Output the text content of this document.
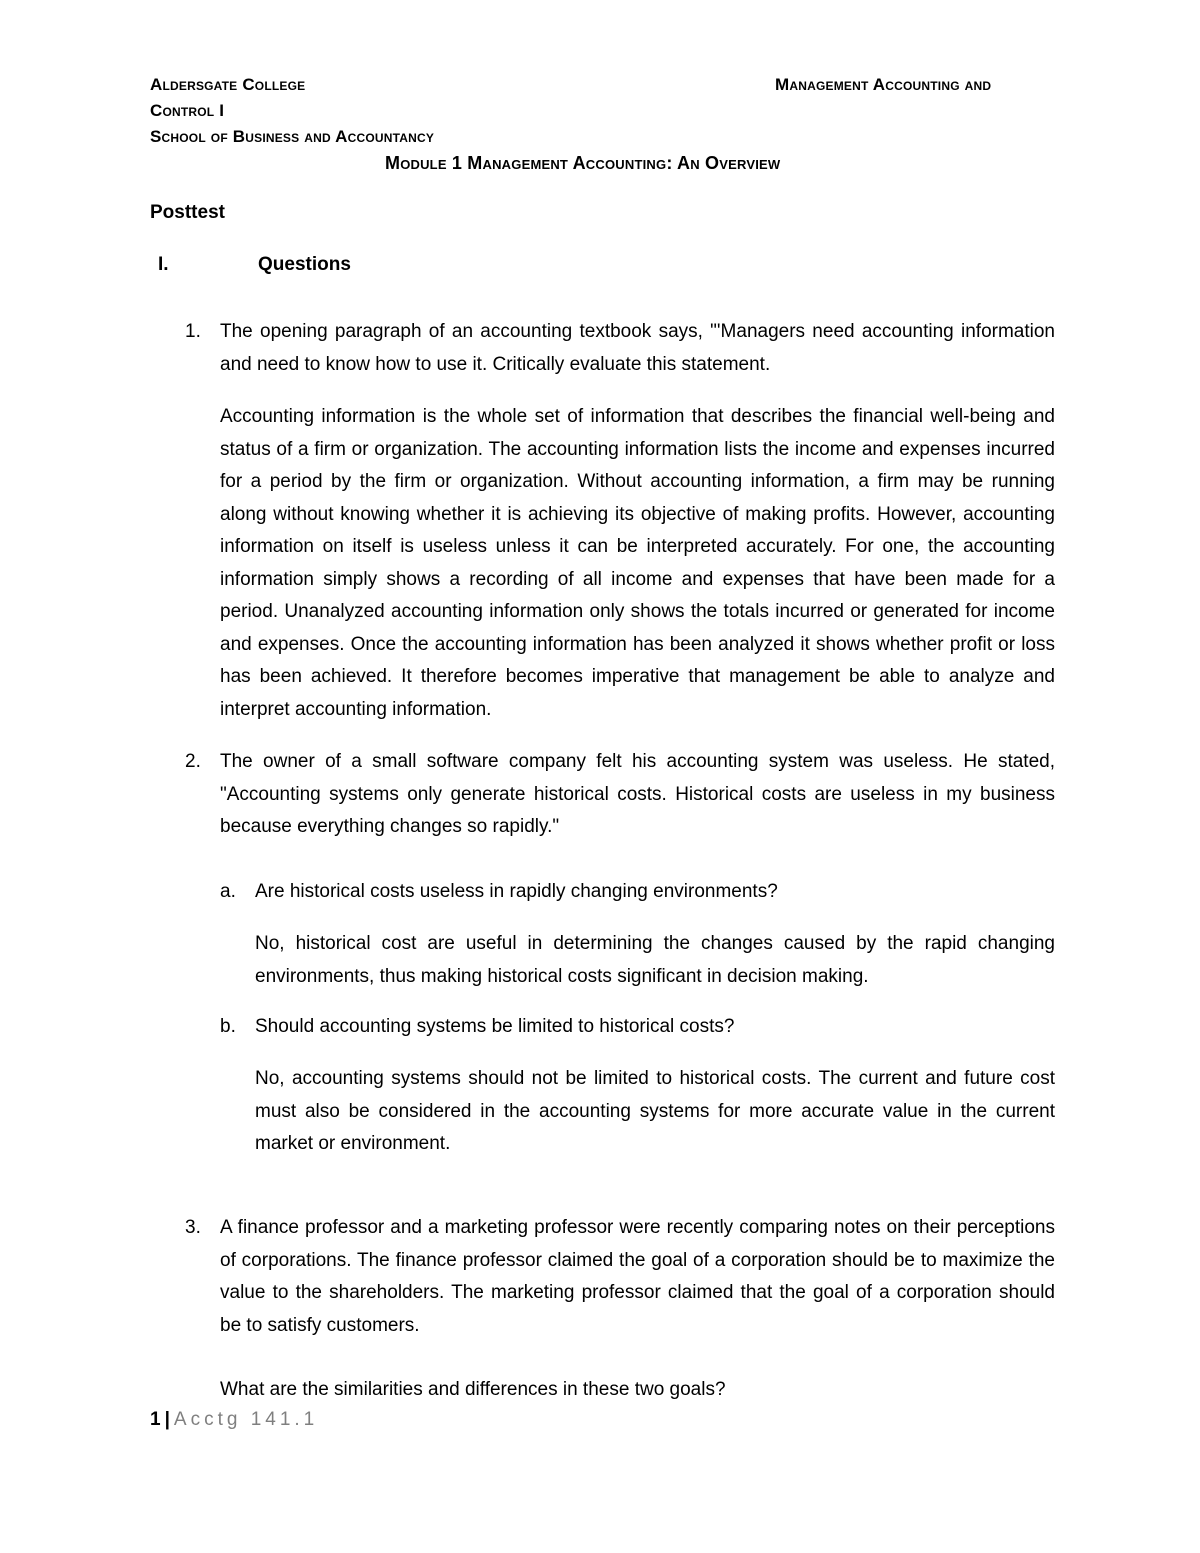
Aldersgate College
Control I
School of Business and Accountancy
Management Accounting and
Module 1 Management Accounting: An Overview
Posttest
I.	Questions
1. The opening paragraph of an accounting textbook says, "'Managers need accounting information and need to know how to use it. Critically evaluate this statement.
Accounting information is the whole set of information that describes the financial well-being and status of a firm or organization. The accounting information lists the income and expenses incurred for a period by the firm or organization. Without accounting information, a firm may be running along without knowing whether it is achieving its objective of making profits. However, accounting information on itself is useless unless it can be interpreted accurately. For one, the accounting information simply shows a recording of all income and expenses that have been made for a period. Unanalyzed accounting information only shows the totals incurred or generated for income and expenses. Once the accounting information has been analyzed it shows whether profit or loss has been achieved. It therefore becomes imperative that management be able to analyze and interpret accounting information.
2. The owner of a small software company felt his accounting system was useless. He stated, "Accounting systems only generate historical costs. Historical costs are useless in my business because everything changes so rapidly."
a. Are historical costs useless in rapidly changing environments?
No, historical cost are useful in determining the changes caused by the rapid changing environments, thus making historical costs significant in decision making.
b. Should accounting systems be limited to historical costs?
No, accounting systems should not be limited to historical costs. The current and future cost must also be considered in the accounting systems for more accurate value in the current market or environment.
3. A finance professor and a marketing professor were recently comparing notes on their perceptions of corporations. The finance professor claimed the goal of a corporation should be to maximize the value to the shareholders. The marketing professor claimed that the goal of a corporation should be to satisfy customers.
What are the similarities and differences in these two goals?
1 | Acctg 141.1
